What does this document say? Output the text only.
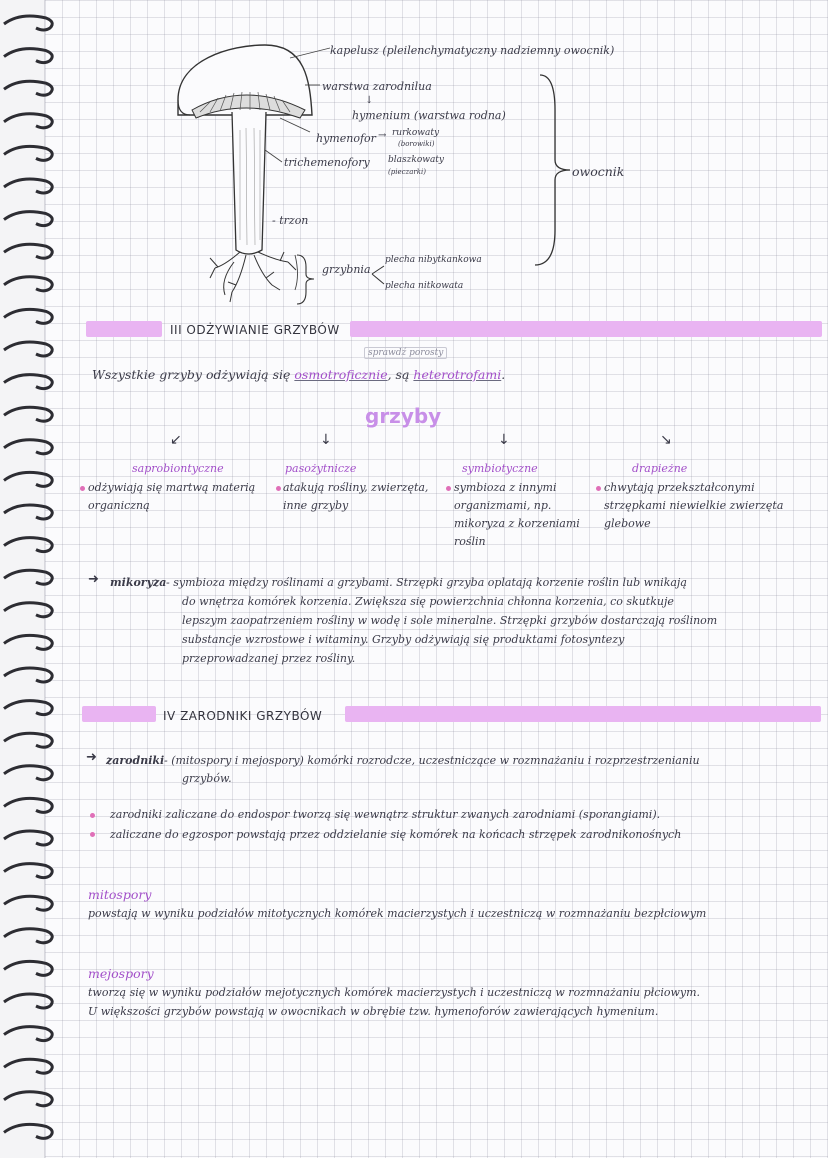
kapelusz (pleilenchymatyczny nadziemny owocnik)
warstwa zarodnilua
↓
hymenium (warstwa rodna)
hymenofor → rurkowaty
(borowiki)
blaszkowaty
(pieczarki)
trichemenofory
- trzon
grzybnia
plecha nibytkankowa
plecha nitkowata
owocnik
III ODŻYWIANIE GRZYBÓW
sprawdź porosty
Wszystkie grzyby odżywiają się osmotroficznie, są heterotrofami.
grzyby
↙	↓	↓	↘
saprobiontyczne	pasożytnicze	symbiotyczne	drapieżne
odżywiają się martwą materią
organiczną
atakują rośliny, zwierzęta,
inne grzyby
symbioza z innymi
organizmami, np.
mikoryza z korzeniami
roślin
chwytają przekształconymi
strzępkami niewielkie zwierzęta
glebowe
➜ mikoryza - symbioza między roślinami a grzybami. Strzępki grzyba oplatają korzenie roślin lub wnikają
do wnętrza komórek korzenia. Zwiększa się powierzchnia chłonna korzenia, co skutkuje
lepszym zaopatrzeniem rośliny w wodę i sole mineralne. Strzępki grzybów dostarczają roślinom
substancje wzrostowe i witaminy. Grzyby odżywiają się produktami fotosyntezy
przeprowadzanej przez rośliny.
IV ZARODNIKI GRZYBÓW
➜ zarodniki - (mitospory i mejospory) komórki rozrodcze, uczestniczące w rozmnażaniu i rozprzestrzenianiu
grzybów.
zarodniki zaliczane do endospor tworzą się wewnątrz struktur zwanych zarodniami (sporangiami).
zaliczane do egzospor powstają przez oddzielanie się komórek na końcach strzępek zarodnikonośnych
mitospory
powstają w wyniku podziałów mitotycznych komórek macierzystych i uczestniczą w rozmnażaniu bezpłciowym
mejospory
tworzą się w wyniku podziałów mejotycznych komórek macierzystych i uczestniczą w rozmnażaniu płciowym.
U większości grzybów powstają w owocnikach w obrębie tzw. hymenoforów zawierających hymenium.
